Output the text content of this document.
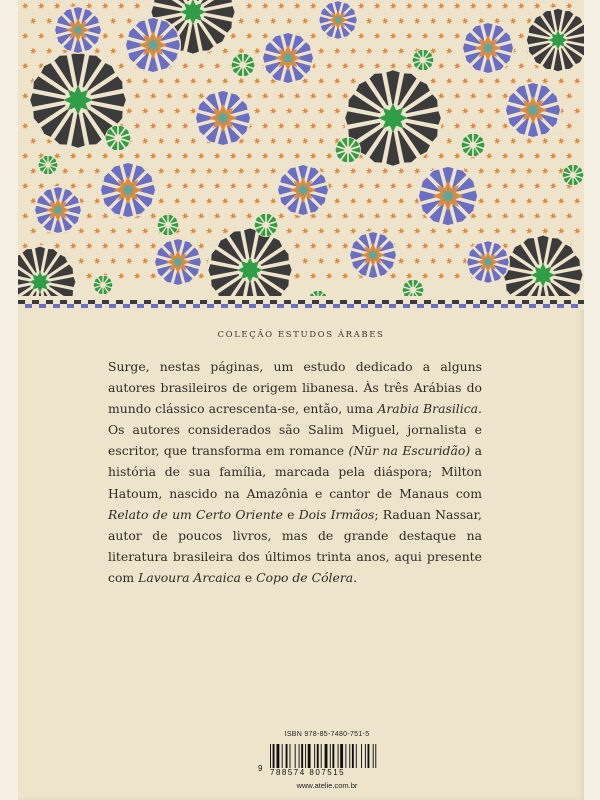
COLEÇÃO ESTUDOS ÁRABES

Surge, nestas páginas, um estudo dedicado a alguns autores brasileiros de origem libanesa. Às três Arábias do mundo clássico acrescenta-se, então, uma Arabia Brasilica. Os autores considerados são Salim Miguel, jornalista e escritor, que transforma em romance (Nūr na Escuridão) a história de sua família, marcada pela diáspora; Milton Hatoum, nascido na Amazônia e cantor de Manaus com Relato de um Certo Oriente e Dois Irmãos; Raduan Nassar, autor de poucos livros, mas de grande destaque na literatura brasileira dos últimos trinta anos, aqui presente com Lavoura Arcaica e Copo de Cólera.

ISBN 978-85-7480-751-5
9 788574 807515
www.atelie.com.br
